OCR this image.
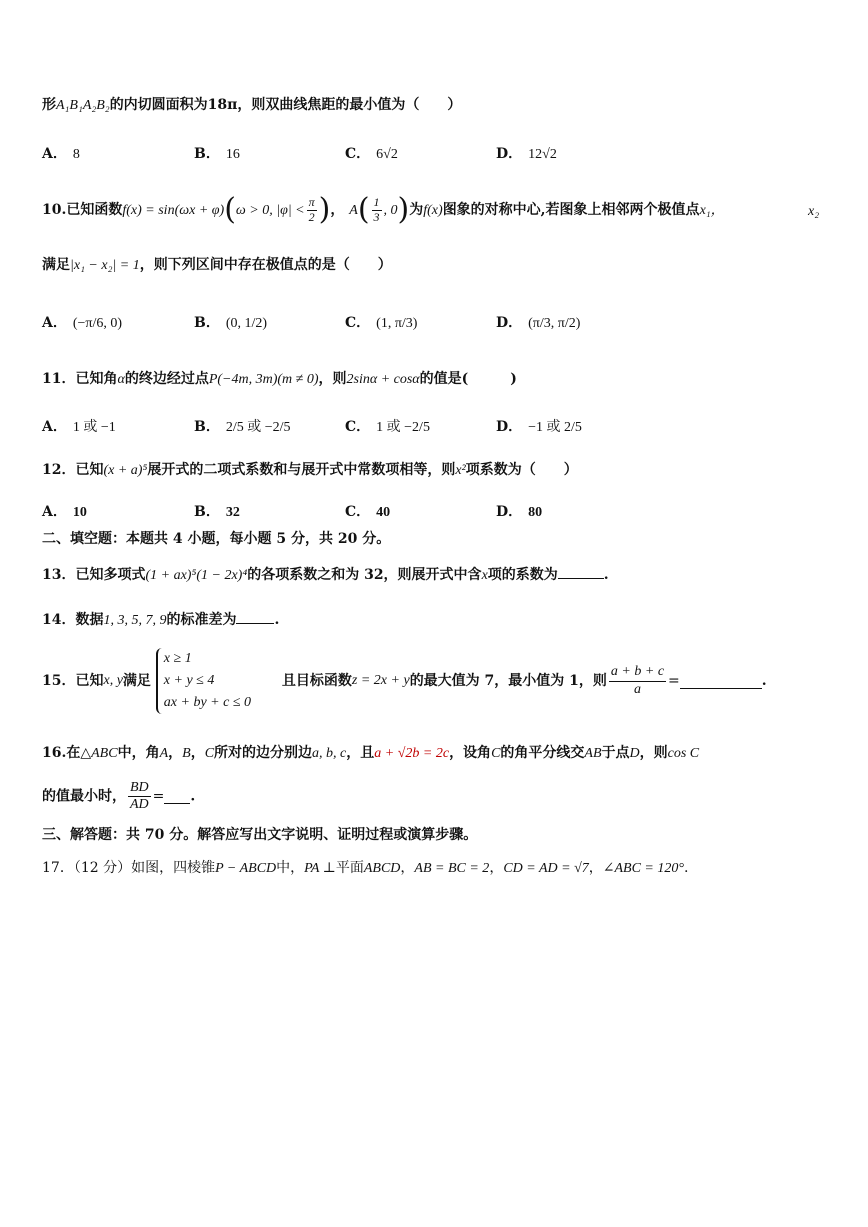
形A₁B₁A₂B₂的内切圆面积为18π，则双曲线焦距的最小值为（　　）
A． 8	B． 16	C． 6√2	D． 12√2
10.已知函数f(x) = sin(ωx + φ)(ω > 0, $|\varphi| < \frac{\pi}{2}$ )， $A( \frac{1}{3}$ , 0)为f(x)图象的对称中心,若图象上相邻两个极值点x₁，	x₂
满足|x₁ − x₂| = 1，则下列区间中存在极值点的是（　　）
A． (−π/6, 0)	B． (0, 1/2)	C． (1, π/3)	D． (π/3, π/2)
11．已知角α的终边经过点P(−4m, 3m)(m ≠ 0)，则2sinα + cosα的值是(　　　)
A． 1 或 −1	B． 2/5 或 −2/5	C． 1 或 −2/5	D． −1 或 2/5
12．已知(x + a)⁵展开式的二项式系数和与展开式中常数项相等，则x²项系数为（　　）
A． 10	B． 32	C． 40	D． 80
二、填空题：本题共 4 小题，每小题 5 分，共 20 分。
13．已知多项式(1 + ax)⁵(1 − 2x)⁴的各项系数之和为 32，则展开式中含x项的系数为	.
14．数据1, 3, 5, 7, 9的标准差为	.
15．已知x, y满足
x ≥ 1
x + y ≤ 4
ax + by + c ≤ 0
且目标函数z = 2x + y的最大值为 7，最小值为 1，则 $\frac{a + b + c}{a}$ =	.
16.在△ABC中，角A，B，C所对的边分别边a, b, c，且a + √2b = 2c，设角C的角平分线交AB于点D，则cos C
的值最小时， $\frac{BD}{AD}$ = .
三、解答题：共 70 分。解答应写出文字说明、证明过程或演算步骤。
17．（12 分）如图，四棱锥P − ABCD中，PA ⊥平面ABCD，AB = BC = 2，CD = AD = √7，∠ABC = 120°.
